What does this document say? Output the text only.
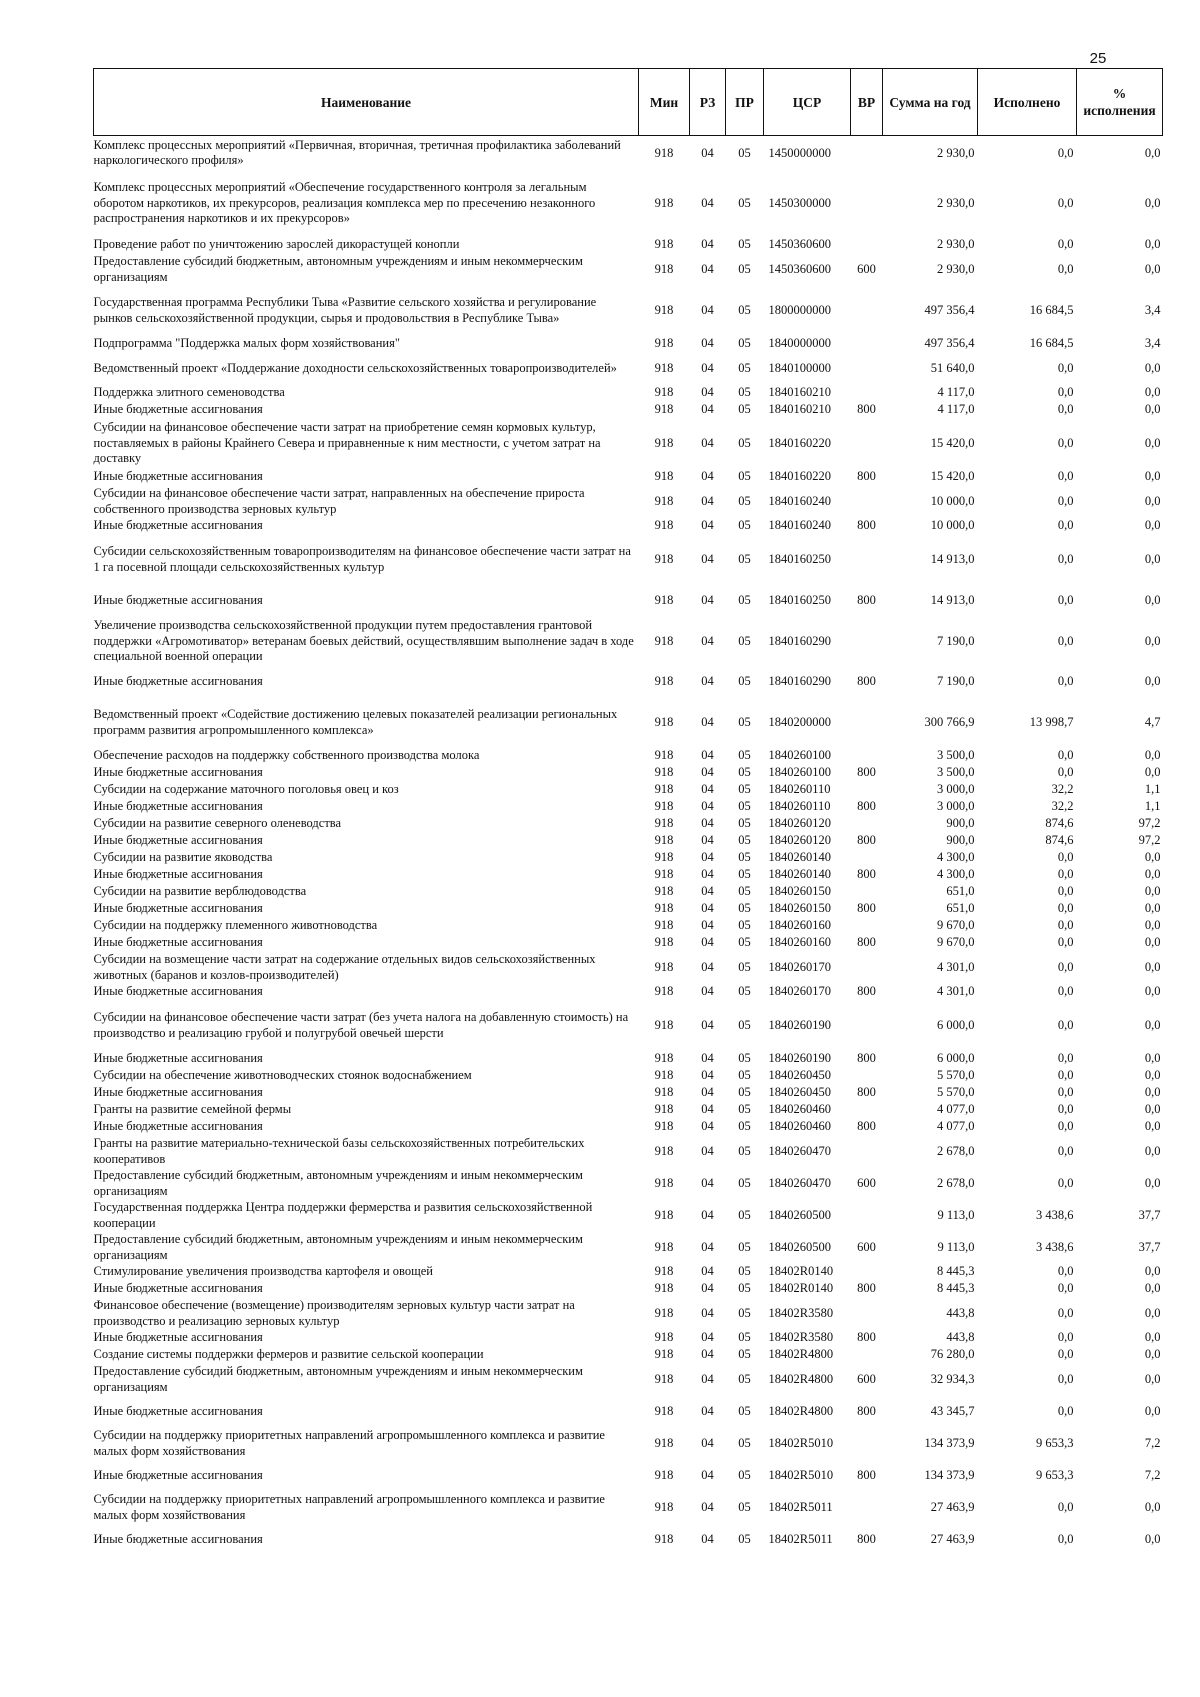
25
Наименование	Мин	РЗ	ПР	ЦСР	ВР	Сумма на год	Исполнено	% исполнения
Комплекс процессных мероприятий «Первичная, вторичная, третичная профилактика заболеваний наркологического профиля»	918	04	05	1450000000		2 930,0	0,0	0,0
Комплекс процессных мероприятий «Обеспечение государственного контроля за легальным оборотом наркотиков, их прекурсоров, реализация комплекса мер по пресечению незаконного распространения наркотиков и их прекурсоров»	918	04	05	1450300000		2 930,0	0,0	0,0
Проведение работ по уничтожению зарослей дикорастущей конопли	918	04	05	1450360600		2 930,0	0,0	0,0
Предоставление субсидий бюджетным, автономным учреждениям и иным некоммерческим организациям	918	04	05	1450360600	600	2 930,0	0,0	0,0
Государственная программа Республики Тыва «Развитие сельского хозяйства и регулирование рынков сельскохозяйственной продукции, сырья и продовольствия в Республике Тыва»	918	04	05	1800000000		497 356,4	16 684,5	3,4
Подпрограмма "Поддержка малых форм хозяйствования"	918	04	05	1840000000		497 356,4	16 684,5	3,4
Ведомственный проект «Поддержание доходности сельскохозяйственных товаропроизводителей»	918	04	05	1840100000		51 640,0	0,0	0,0
Поддержка элитного семеноводства	918	04	05	1840160210		4 117,0	0,0	0,0
Иные бюджетные ассигнования	918	04	05	1840160210	800	4 117,0	0,0	0,0
Субсидии на финансовое обеспечение части затрат на приобретение семян кормовых культур, поставляемых в районы Крайнего Севера и приравненные к ним местности, с учетом затрат на доставку	918	04	05	1840160220		15 420,0	0,0	0,0
Иные бюджетные ассигнования	918	04	05	1840160220	800	15 420,0	0,0	0,0
Субсидии на финансовое обеспечение части затрат, направленных на обеспечение прироста собственного производства зерновых культур	918	04	05	1840160240		10 000,0	0,0	0,0
Иные бюджетные ассигнования	918	04	05	1840160240	800	10 000,0	0,0	0,0
Субсидии сельскохозяйственным товаропроизводителям на финансовое обеспечение части затрат на 1 га посевной площади сельскохозяйственных культур	918	04	05	1840160250		14 913,0	0,0	0,0
Иные бюджетные ассигнования	918	04	05	1840160250	800	14 913,0	0,0	0,0
Увеличение производства сельскохозяйственной продукции путем предоставления грантовой поддержки «Агромотиватор» ветеранам боевых действий, осуществлявшим выполнение задач в ходе специальной военной операции	918	04	05	1840160290		7 190,0	0,0	0,0
Иные бюджетные ассигнования	918	04	05	1840160290	800	7 190,0	0,0	0,0
Ведомственный проект «Содействие достижению целевых показателей реализации региональных программ развития агропромышленного комплекса»	918	04	05	1840200000		300 766,9	13 998,7	4,7
Обеспечение расходов на поддержку собственного производства молока	918	04	05	1840260100		3 500,0	0,0	0,0
Иные бюджетные ассигнования	918	04	05	1840260100	800	3 500,0	0,0	0,0
Субсидии на содержание маточного поголовья овец и коз	918	04	05	1840260110		3 000,0	32,2	1,1
Иные бюджетные ассигнования	918	04	05	1840260110	800	3 000,0	32,2	1,1
Субсидии на развитие северного оленеводства	918	04	05	1840260120		900,0	874,6	97,2
Иные бюджетные ассигнования	918	04	05	1840260120	800	900,0	874,6	97,2
Субсидии на развитие яководства	918	04	05	1840260140		4 300,0	0,0	0,0
Иные бюджетные ассигнования	918	04	05	1840260140	800	4 300,0	0,0	0,0
Субсидии на развитие верблюдоводства	918	04	05	1840260150		651,0	0,0	0,0
Иные бюджетные ассигнования	918	04	05	1840260150	800	651,0	0,0	0,0
Субсидии на поддержку племенного животноводства	918	04	05	1840260160		9 670,0	0,0	0,0
Иные бюджетные ассигнования	918	04	05	1840260160	800	9 670,0	0,0	0,0
Субсидии на возмещение части затрат на содержание отдельных видов сельскохозяйственных животных (баранов и козлов-производителей)	918	04	05	1840260170		4 301,0	0,0	0,0
Иные бюджетные ассигнования	918	04	05	1840260170	800	4 301,0	0,0	0,0
Субсидии на финансовое обеспечение части затрат (без учета налога на добавленную стоимость) на производство и реализацию грубой и полугрубой овечьей шерсти	918	04	05	1840260190		6 000,0	0,0	0,0
Иные бюджетные ассигнования	918	04	05	1840260190	800	6 000,0	0,0	0,0
Субсидии на обеспечение животноводческих стоянок водоснабжением	918	04	05	1840260450		5 570,0	0,0	0,0
Иные бюджетные ассигнования	918	04	05	1840260450	800	5 570,0	0,0	0,0
Гранты на развитие семейной фермы	918	04	05	1840260460		4 077,0	0,0	0,0
Иные бюджетные ассигнования	918	04	05	1840260460	800	4 077,0	0,0	0,0
Гранты на развитие материально-технической базы сельскохозяйственных потребительских кооперативов	918	04	05	1840260470		2 678,0	0,0	0,0
Предоставление субсидий бюджетным, автономным учреждениям и иным некоммерческим организациям	918	04	05	1840260470	600	2 678,0	0,0	0,0
Государственная поддержка Центра поддержки фермерства и развития сельскохозяйственной кооперации	918	04	05	1840260500		9 113,0	3 438,6	37,7
Предоставление субсидий бюджетным, автономным учреждениям и иным некоммерческим организациям	918	04	05	1840260500	600	9 113,0	3 438,6	37,7
Стимулирование увеличения производства картофеля и овощей	918	04	05	18402R0140		8 445,3	0,0	0,0
Иные бюджетные ассигнования	918	04	05	18402R0140	800	8 445,3	0,0	0,0
Финансовое обеспечение (возмещение) производителям зерновых культур части затрат на производство и реализацию зерновых культур	918	04	05	18402R3580		443,8	0,0	0,0
Иные бюджетные ассигнования	918	04	05	18402R3580	800	443,8	0,0	0,0
Создание системы поддержки фермеров и развитие сельской кооперации	918	04	05	18402R4800		76 280,0	0,0	0,0
Предоставление субсидий бюджетным, автономным учреждениям и иным некоммерческим организациям	918	04	05	18402R4800	600	32 934,3	0,0	0,0
Иные бюджетные ассигнования	918	04	05	18402R4800	800	43 345,7	0,0	0,0
Субсидии на поддержку приоритетных направлений агропромышленного комплекса и развитие малых форм хозяйствования	918	04	05	18402R5010		134 373,9	9 653,3	7,2
Иные бюджетные ассигнования	918	04	05	18402R5010	800	134 373,9	9 653,3	7,2
Субсидии на поддержку приоритетных направлений агропромышленного комплекса и развитие малых форм хозяйствования	918	04	05	18402R5011		27 463,9	0,0	0,0
Иные бюджетные ассигнования	918	04	05	18402R5011	800	27 463,9	0,0	0,0
